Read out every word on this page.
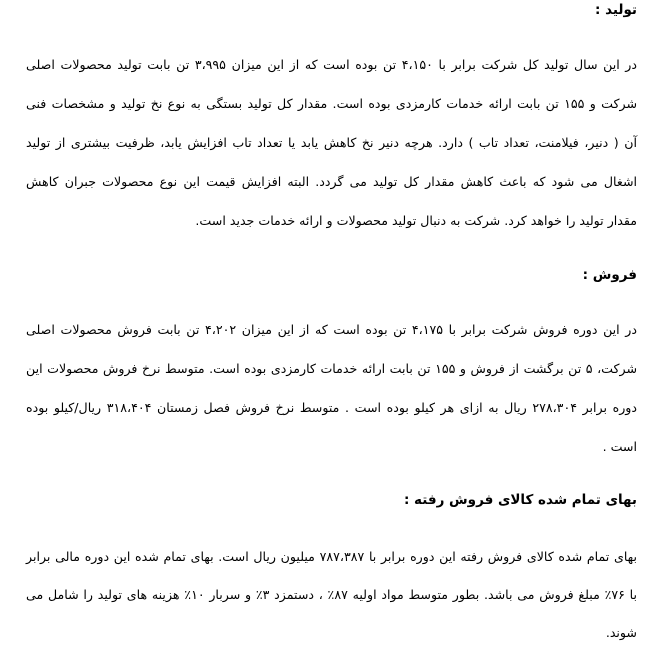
تولید :
در این سال تولید کل شرکت برابر با ۴،۱۵۰ تن بوده است که از این میزان ۳،۹۹۵ تن بابت تولید محصولات اصلی
شرکت و ۱۵۵ تن بابت ارائه خدمات کارمزدی بوده است. مقدار کل تولید بستگی به نوع نخ تولید و مشخصات فنی
آن ( دنیر، فیلامنت، تعداد تاب ) دارد. هرچه دنیر نخ کاهش یابد یا تعداد تاب افزایش یابد، ظرفیت بیشتری از تولید
اشغال می شود که باعث کاهش مقدار کل تولید می گردد. البته افزایش قیمت این نوع محصولات جبران کاهش
مقدار تولید را خواهد کرد. شرکت به دنبال تولید محصولات و ارائه خدمات جدید است.
فروش :
در این دوره فروش شرکت برابر با ۴،۱۷۵ تن بوده است که از این میزان ۴،۲۰۲ تن بابت فروش محصولات اصلی
شرکت، ۵ تن برگشت از فروش و ۱۵۵ تن بابت ارائه خدمات کارمزدی بوده است. متوسط نرخ فروش محصولات این
دوره برابر ۲۷۸،۳۰۴ ریال به ازای هر کیلو بوده است . متوسط نرخ فروش فصل زمستان ۳۱۸،۴۰۴ ریال/کیلو بوده
است .
بهای تمام شده کالای فروش رفته :
بهای تمام شده کالای فروش رفته این دوره برابر با ۷۸۷،۳۸۷ میلیون ریال است. بهای تمام شده این دوره مالی برابر
با ۷۶٪ مبلغ فروش می باشد. بطور متوسط مواد اولیه ۸۷٪ ، دستمزد ۳٪ و سربار ۱۰٪ هزینه های تولید را شامل می
شوند.
